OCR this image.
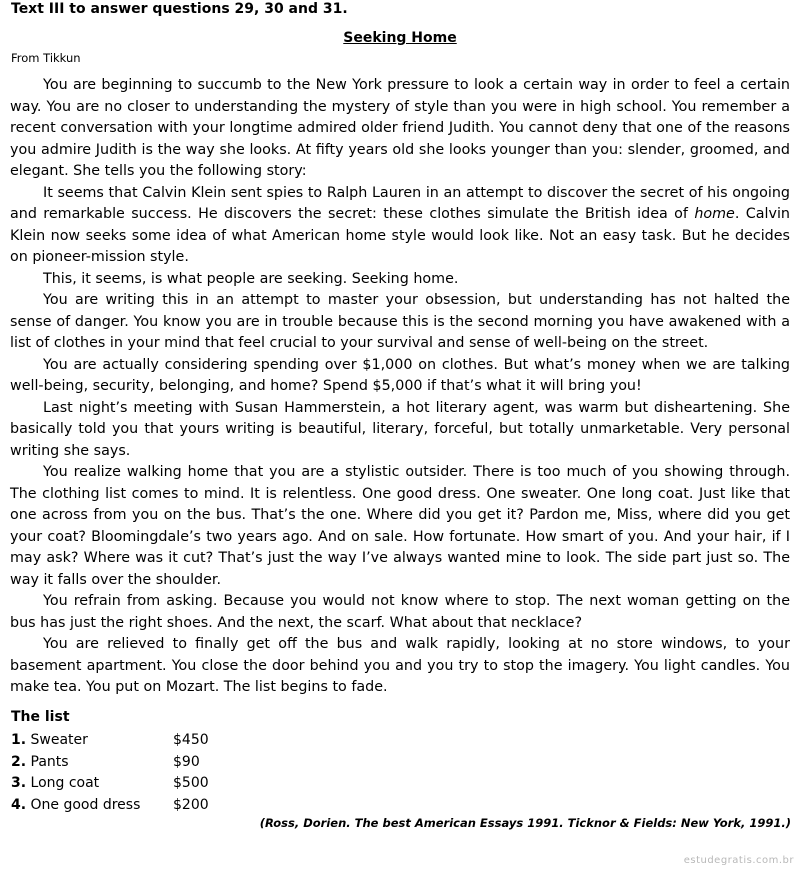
Text III to answer questions 29, 30 and 31.
Seeking Home
From Tikkun

You are beginning to succumb to the New York pressure to look a certain way in order to feel a certain way. You are no closer to understanding the mystery of style than you were in high school. You remember a recent conversation with your longtime admired older friend Judith. You cannot deny that one of the reasons you admire Judith is the way she looks. At fifty years old she looks younger than you: slender, groomed, and elegant. She tells you the following story:

It seems that Calvin Klein sent spies to Ralph Lauren in an attempt to discover the secret of his ongoing and remarkable success. He discovers the secret: these clothes simulate the British idea of home. Calvin Klein now seeks some idea of what American home style would look like. Not an easy task. But he decides on pioneer-mission style.

This, it seems, is what people are seeking. Seeking home.

You are writing this in an attempt to master your obsession, but understanding has not halted the sense of danger. You know you are in trouble because this is the second morning you have awakened with a list of clothes in your mind that feel crucial to your survival and sense of well-being on the street.

You are actually considering spending over $1,000 on clothes. But what’s money when we are talking well-being, security, belonging, and home? Spend $5,000 if that’s what it will bring you!

Last night’s meeting with Susan Hammerstein, a hot literary agent, was warm but disheartening. She basically told you that yours writing is beautiful, literary, forceful, but totally unmarketable. Very personal writing she says.

You realize walking home that you are a stylistic outsider. There is too much of you showing through. The clothing list comes to mind. It is relentless. One good dress. One sweater. One long coat. Just like that one across from you on the bus. That’s the one. Where did you get it? Pardon me, Miss, where did you get your coat? Bloomingdale’s two years ago. And on sale. How fortunate. How smart of you. And your hair, if I may ask? Where was it cut? That’s just the way I’ve always wanted mine to look. The side part just so. The way it falls over the shoulder.

You refrain from asking. Because you would not know where to stop. The next woman getting on the bus has just the right shoes. And the next, the scarf. What about that necklace?

You are relieved to finally get off the bus and walk rapidly, looking at no store windows, to your basement apartment. You close the door behind you and you try to stop the imagery. You light candles. You make tea. You put on Mozart. The list begins to fade.

The list
1. Sweater	$450
2. Pants	$90
3. Long coat	$500
4. One good dress $200
(Ross, Dorien. The best American Essays 1991. Ticknor & Fields: New York, 1991.)
estudegratis.com.br
